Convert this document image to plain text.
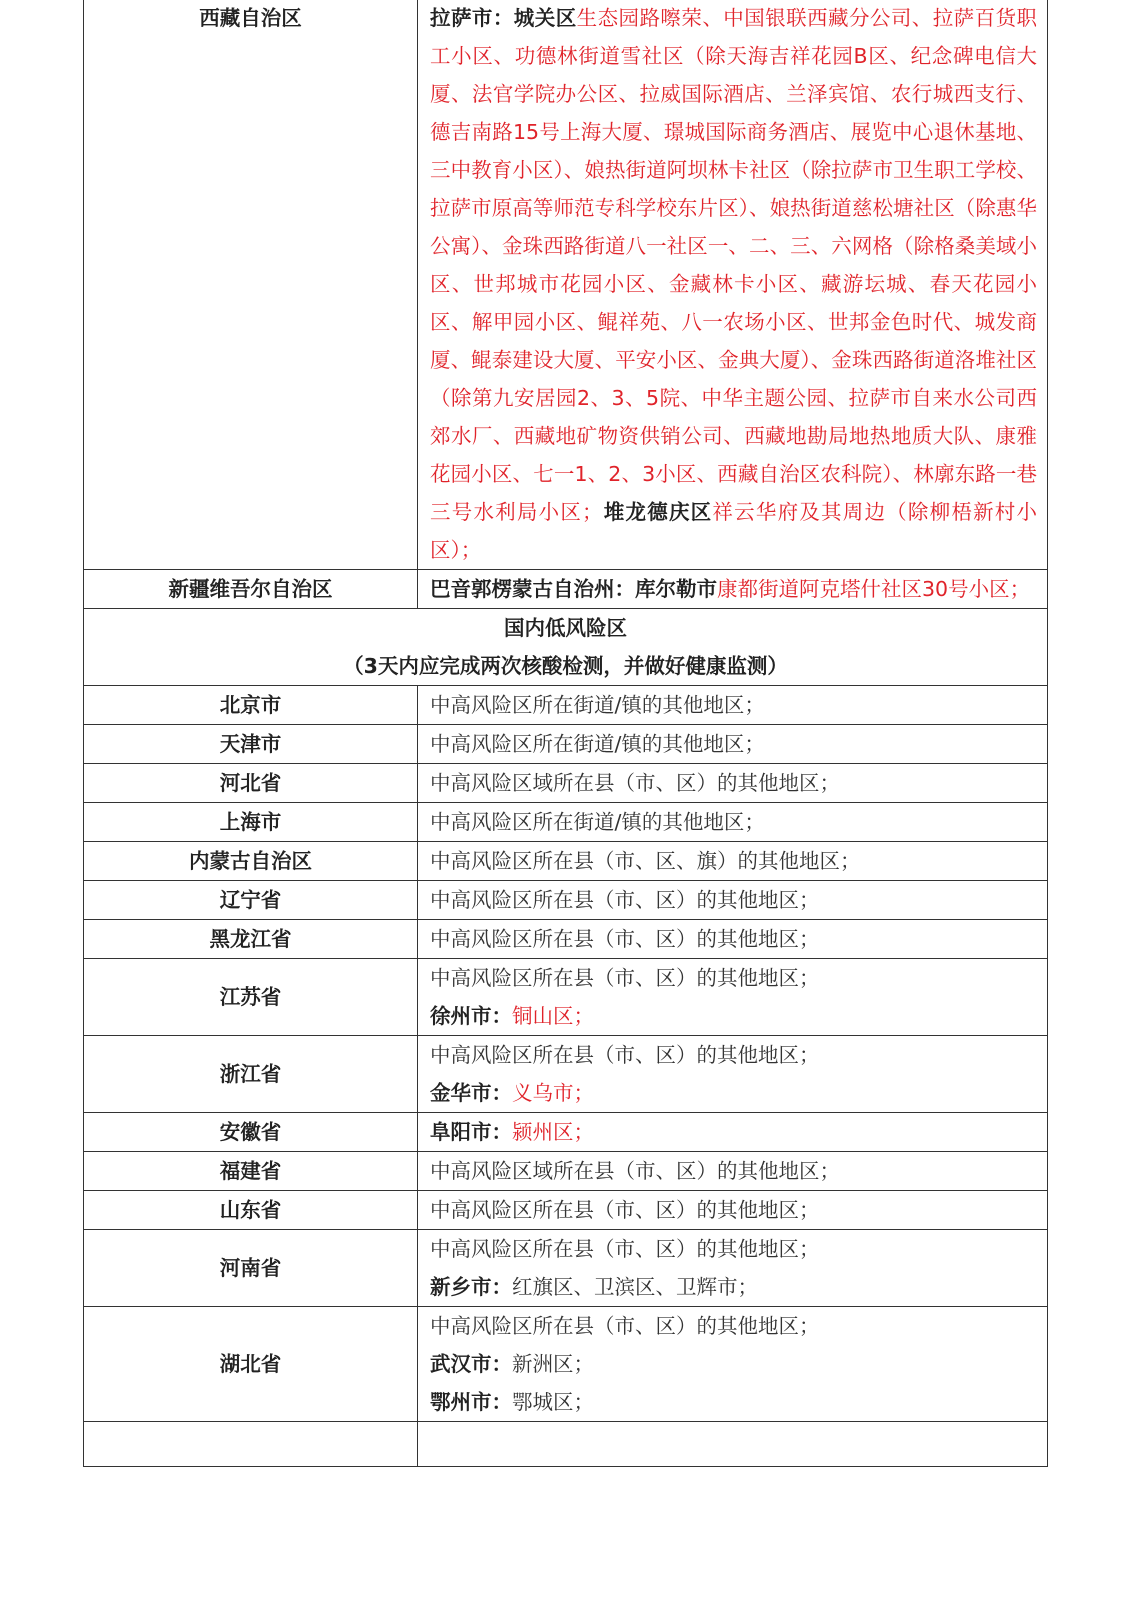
西藏自治区	拉萨市：城关区生态园路嚓荣、中国银联西藏分公司、拉萨百货职工小区、功德林街道雪社区（除天海吉祥花园B区、纪念碑电信大厦、法官学院办公区、拉威国际酒店、兰泽宾馆、农行城西支行、德吉南路15号上海大厦、璟城国际商务酒店、展览中心退休基地、三中教育小区）、娘热街道阿坝林卡社区（除拉萨市卫生职工学校、拉萨市原高等师范专科学校东片区）、娘热街道慈松塘社区（除惠华公寓）、金珠西路街道八一社区一、二、三、六网格（除格桑美域小区、世邦城市花园小区、金藏林卡小区、藏游坛城、春天花园小区、解甲园小区、鲲祥苑、八一农场小区、世邦金色时代、城发商厦、鲲泰建设大厦、平安小区、金典大厦）、金珠西路街道洛堆社区（除第九安居园2、3、5院、中华主题公园、拉萨市自来水公司西郊水厂、西藏地矿物资供销公司、西藏地勘局地热地质大队、康雅花园小区、七一1、2、3小区、西藏自治区农科院）、林廓东路一巷三号水利局小区；堆龙德庆区祥云华府及其周边（除柳梧新村小区）；
新疆维吾尔自治区	巴音郭楞蒙古自治州：库尔勒市康都街道阿克塔什社区30号小区；

国内低风险区
（3天内应完成两次核酸检测，并做好健康监测）	

北京市	中高风险区所在街道/镇的其他地区；

天津市	中高风险区所在街道/镇的其他地区；

河北省	中高风险区域所在县（市、区）的其他地区；

上海市	中高风险区所在街道/镇的其他地区；

内蒙古自治区	中高风险区所在县（市、区、旗）的其他地区；

辽宁省	中高风险区所在县（市、区）的其他地区；

黑龙江省	中高风险区所在县（市、区）的其他地区；

江苏省	中高风险区所在县（市、区）的其他地区；
徐州市：铜山区；

浙江省	中高风险区所在县（市、区）的其他地区；
金华市：义乌市；

安徽省	阜阳市：颍州区；

福建省	中高风险区域所在县（市、区）的其他地区；

山东省	中高风险区所在县（市、区）的其他地区；

河南省	中高风险区所在县（市、区）的其他地区；
新乡市：红旗区、卫滨区、卫辉市；

湖北省	中高风险区所在县（市、区）的其他地区；
武汉市：新洲区；
鄂州市：鄂城区；
